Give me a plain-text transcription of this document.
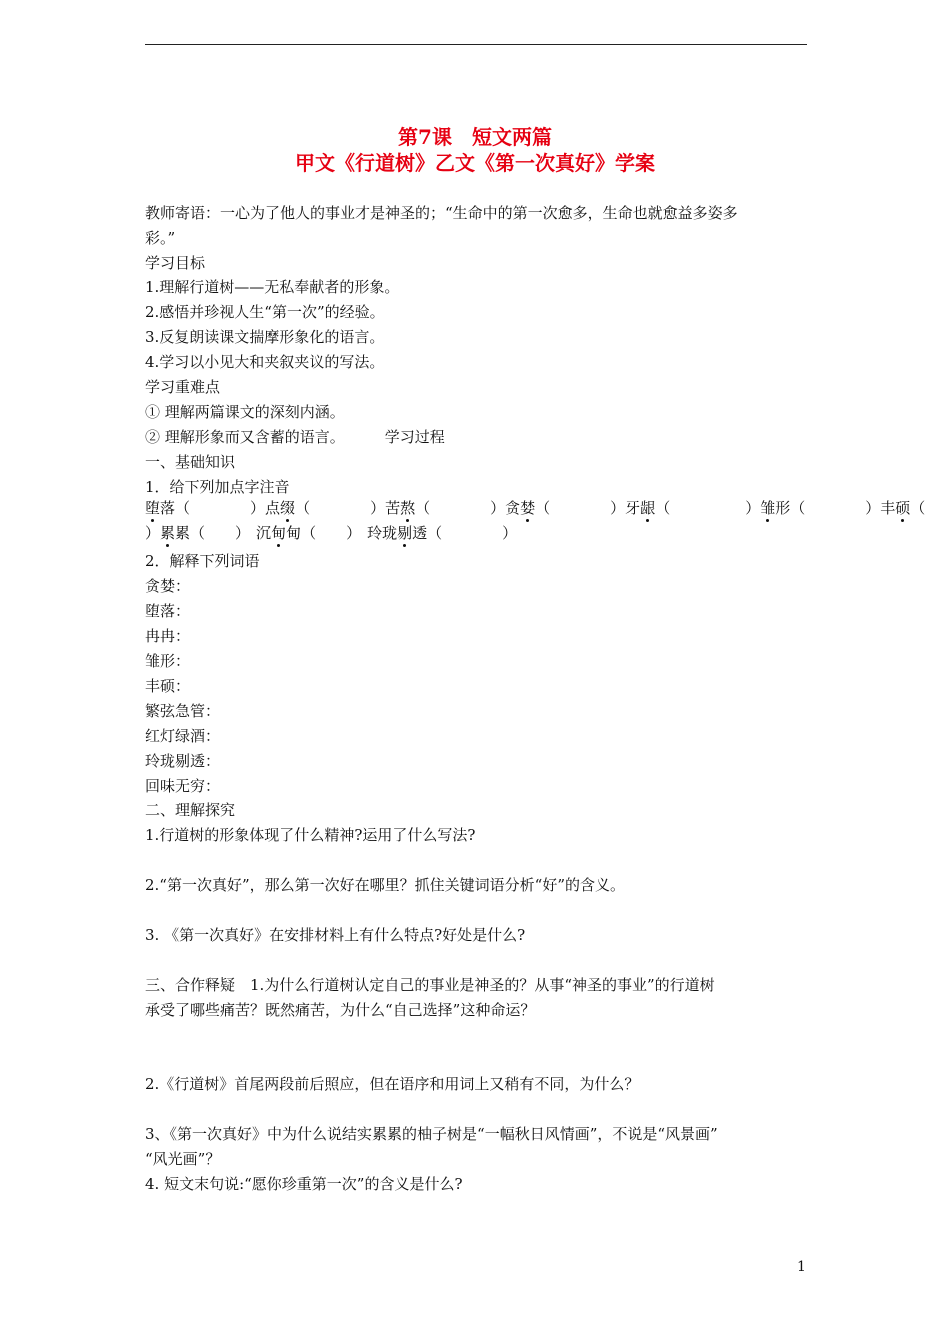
第7课　短文两篇
甲文《行道树》乙文《第一次真好》学案
教师寄语：一心为了他人的事业才是神圣的；“生命中的第一次愈多，生命也就愈益多姿多
彩。”
学习目标
1.理解行道树——无私奉献者的形象。
2.感悟并珍视人生“第一次”的经验。
3.反复朗读课文揣摩形象化的语言。
4.学习以小见大和夹叙夹议的写法。
学习重难点
① 理解两篇课文的深刻内涵。
② 理解形象而又含蓄的语言。	学习过程
一、基础知识
1．给下列加点字注音
堕落（　　　　）点缀（　　　　）苦熬（　　　　）贪婪（　　　　）牙龈（　　　　　）雏形（　　　　）丰硕（
）累累（　　） 沉甸甸（　　） 玲珑剔透（　　　　）
2．解释下列词语
贪婪：
堕落：
冉冉：
雏形：
丰硕：
繁弦急管：
红灯绿酒：
玲珑剔透：
回味无穷：
二、理解探究
1.行道树的形象体现了什么精神?运用了什么写法?
2.“第一次真好”，那么第一次好在哪里？抓住关键词语分析“好”的含义。
3. 《第一次真好》在安排材料上有什么特点?好处是什么?
三、合作释疑　1.为什么行道树认定自己的事业是神圣的？从事“神圣的事业”的行道树
承受了哪些痛苦？既然痛苦，为什么“自己选择”这种命运？
2.《行道树》首尾两段前后照应，但在语序和用词上又稍有不同，为什么？
3、《第一次真好》中为什么说结实累累的柚子树是“一幅秋日风情画”，不说是“风景画”
“风光画”？
4. 短文末句说:“愿你珍重第一次”的含义是什么?
1
